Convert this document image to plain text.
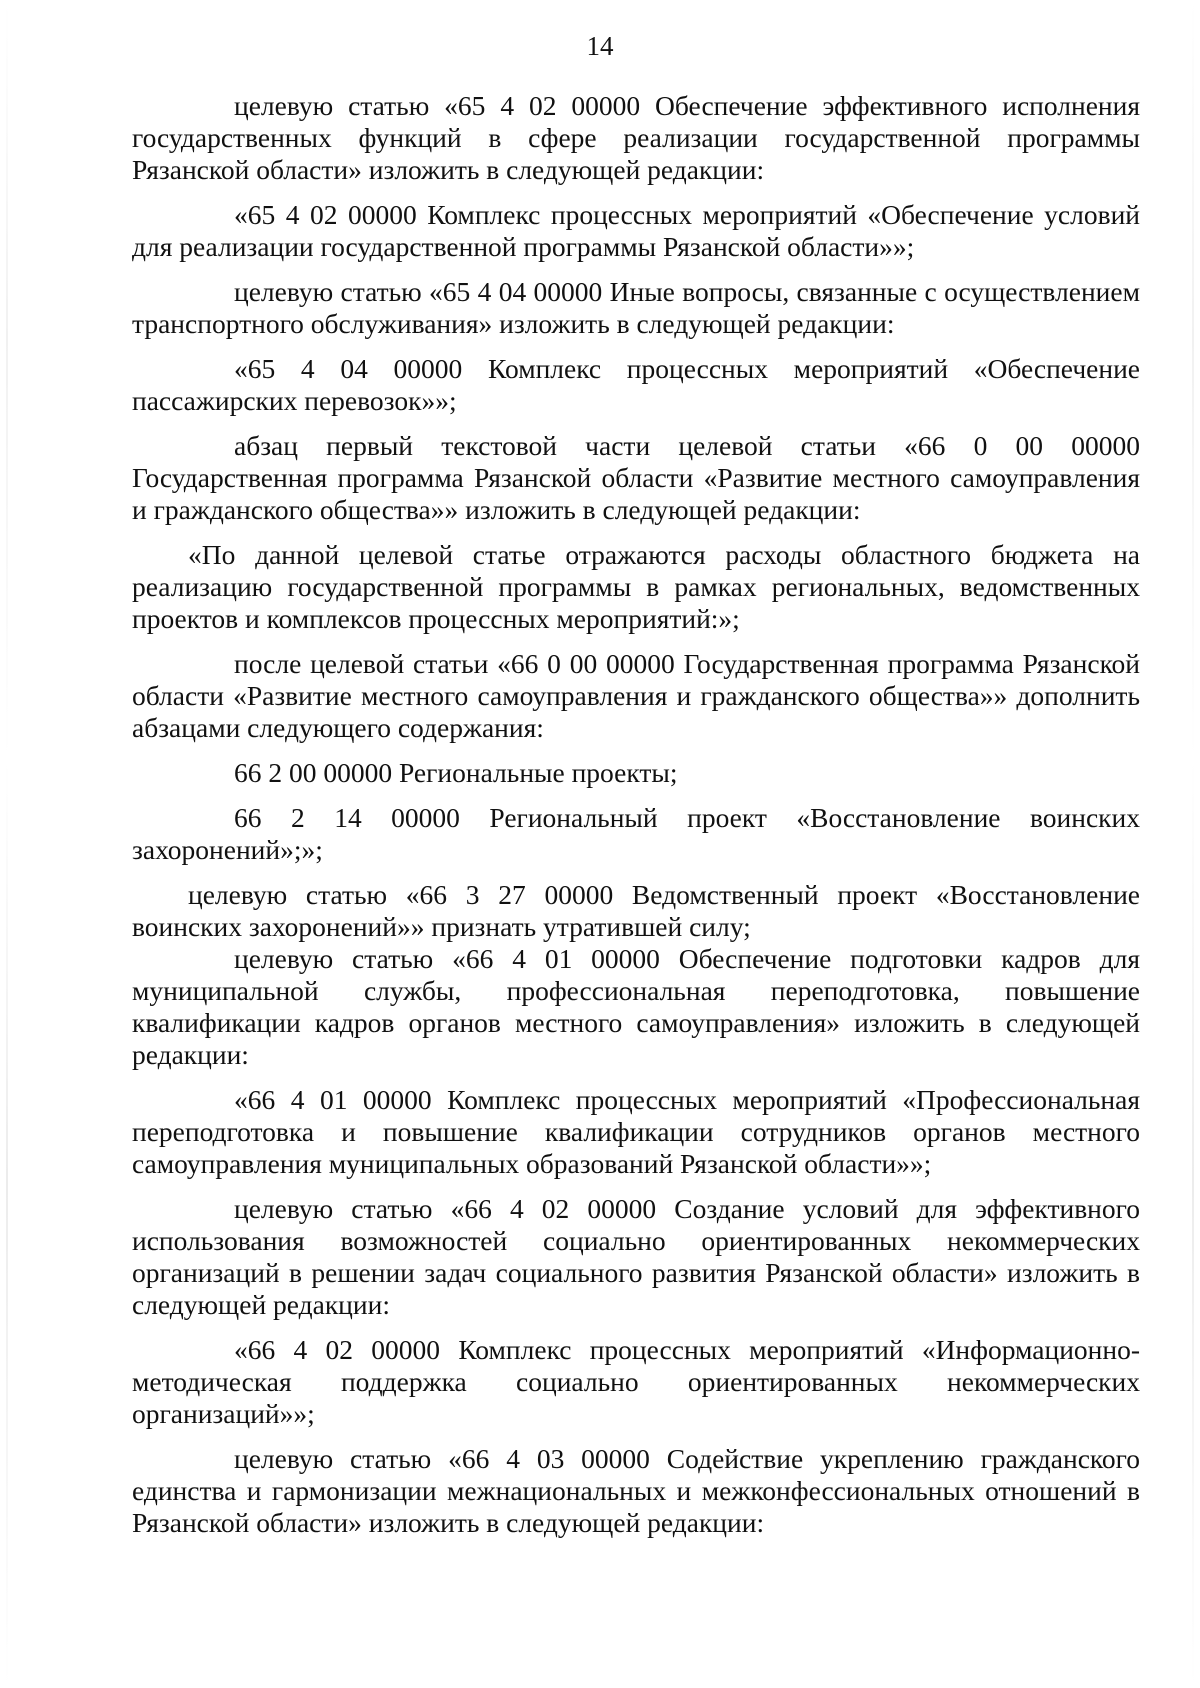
14

целевую статью «65 4 02 00000 Обеспечение эффективного исполнения государственных функций в сфере реализации государственной программы Рязанской области» изложить в следующей редакции:

«65 4 02 00000 Комплекс процессных мероприятий «Обеспечение условий для реализации государственной программы Рязанской области»»;

целевую статью «65 4 04 00000 Иные вопросы, связанные с осуществлением транспортного обслуживания» изложить в следующей редакции:

«65 4 04 00000 Комплекс процессных мероприятий «Обеспечение пассажирских перевозок»»;

абзац первый текстовой части целевой статьи «66 0 00 00000 Государственная программа Рязанской области «Развитие местного самоуправления и гражданского общества»» изложить в следующей редакции:

«По данной целевой статье отражаются расходы областного бюджета на реализацию государственной программы в рамках региональных, ведомственных проектов и комплексов процессных мероприятий:»;

после целевой статьи «66 0 00 00000 Государственная программа Рязанской области «Развитие местного самоуправления и гражданского общества»» дополнить абзацами следующего содержания:

66 2 00 00000 Региональные проекты;

66 2 14 00000 Региональный проект «Восстановление воинских захоронений»;»;

целевую статью «66 3 27 00000 Ведомственный проект «Восстановление воинских захоронений»» признать утратившей силу;

целевую статью «66 4 01 00000 Обеспечение подготовки кадров для муниципальной службы, профессиональная переподготовка, повышение квалификации кадров органов местного самоуправления» изложить в следующей редакции:

«66 4 01 00000 Комплекс процессных мероприятий «Профессиональная переподготовка и повышение квалификации сотрудников органов местного самоуправления муниципальных образований Рязанской области»»;

целевую статью «66 4 02 00000 Создание условий для эффективного использования возможностей социально ориентированных некоммерческих организаций в решении задач социального развития Рязанской области» изложить в следующей редакции:

«66 4 02 00000 Комплекс процессных мероприятий «Информационно-методическая поддержка социально ориентированных некоммерческих организаций»»;

целевую статью «66 4 03 00000 Содействие укреплению гражданского единства и гармонизации межнациональных и межконфессиональных отношений в Рязанской области» изложить в следующей редакции:
